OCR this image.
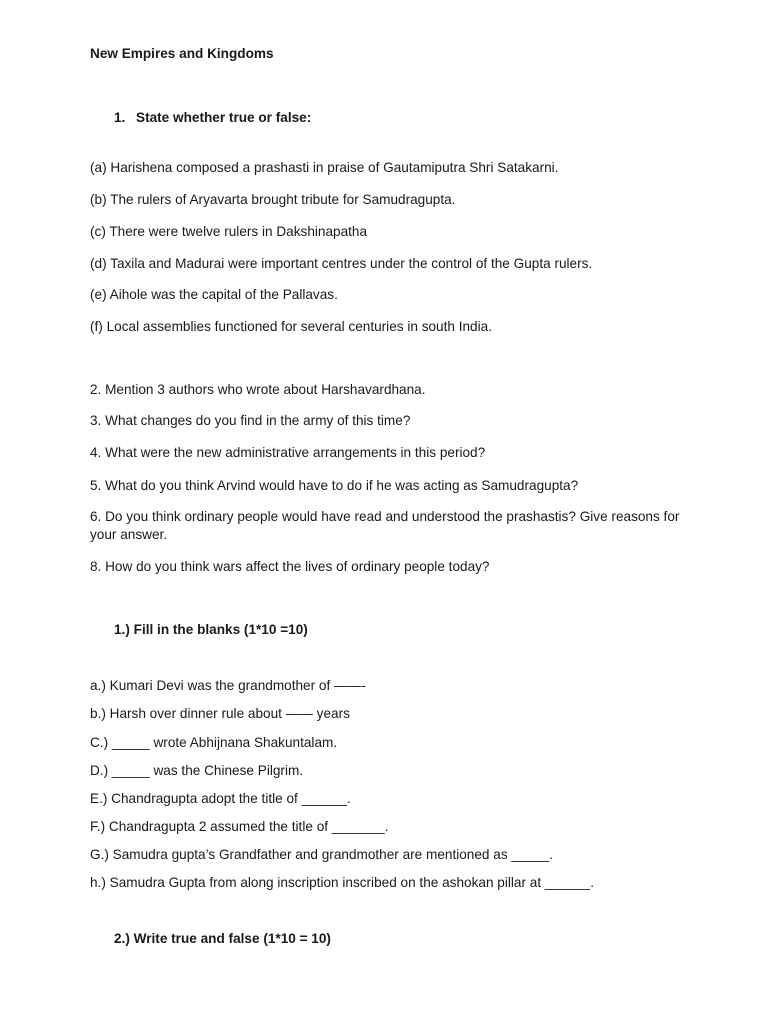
New Empires and Kingdoms
1. State whether true or false:
(a) Harishena composed a prashasti in praise of Gautamiputra Shri Satakarni.
(b) The rulers of Aryavarta brought tribute for Samudragupta.
(c) There were twelve rulers in Dakshinapatha
(d) Taxila and Madurai were important centres under the control of the Gupta rulers.
(e) Aihole was the capital of the Pallavas.
(f) Local assemblies functioned for several centuries in south India.
2. Mention 3 authors who wrote about Harshavardhana.
3. What changes do you find in the army of this time?
4. What were the new administrative arrangements in this period?
5. What do you think Arvind would have to do if he was acting as Samudragupta?
6. Do you think ordinary people would have read and understood the prashastis? Give reasons for your answer.
8. How do you think wars affect the lives of ordinary people today?
1.) Fill in the blanks (1*10 =10)
a.) Kumari Devi was the grandmother of ——-
b.) Harsh over dinner rule about —— years
C.) _____ wrote Abhijnana Shakuntalam.
D.) _____ was the Chinese Pilgrim.
E.) Chandragupta adopt the title of ______.
F.) Chandragupta 2 assumed the title of _______.
G.) Samudra gupta’s Grandfather and grandmother are mentioned as _____.
h.) Samudra Gupta from along inscription inscribed on the ashokan pillar at ______.
2.) Write true and false (1*10 = 10)
